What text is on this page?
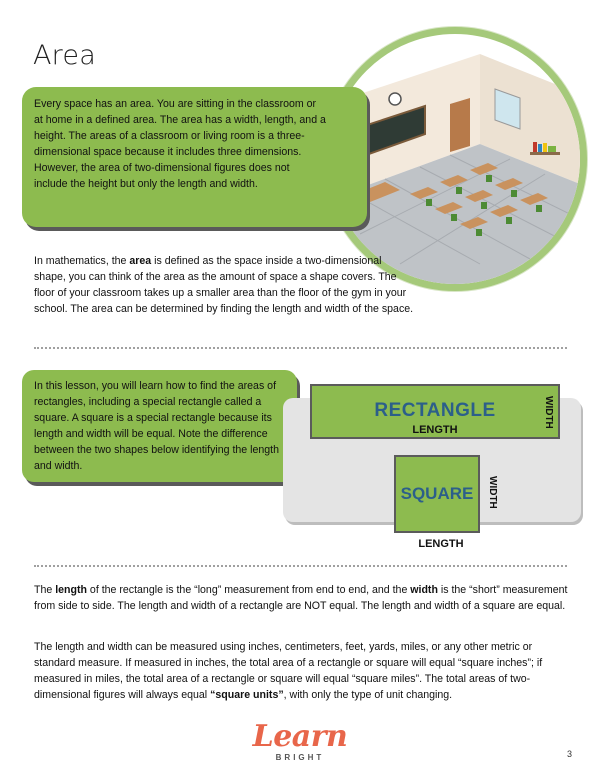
Area
Every space has an area. You are sitting in the classroom or at home in a defined area. The area has a width, length, and a height. The areas of a classroom or living room is a three-dimensional space because it includes three dimensions. However, the area of two-dimensional figures does not include the height but only the length and width.
In mathematics, the area is defined as the space inside a two-dimensional shape, you can think of the area as the amount of space a shape covers. The floor of your classroom takes up a smaller area than the floor of the gym in your school. The area can be determined by finding the length and width of the space.
In this lesson, you will learn how to find the areas of rectangles, including a special rectangle called a square. A square is a special rectangle because its length and width will be equal. Note the difference between the two shapes below identifying the length and width.
RECTANGLE
LENGTH
WIDTH
SQUARE	WIDTH
LENGTH
The length of the rectangle is the “long” measurement from end to end, and the width is the “short” measurement from side to side. The length and width of a rectangle are NOT equal. The length and width of a square are equal.
The length and width can be measured using inches, centimeters, feet, yards, miles, or any other metric or standard measure. If measured in inches, the total area of a rectangle or square will equal “square inches”; if measured in miles, the total area of a rectangle or square will equal “square miles”. The total areas of two-dimensional figures will always equal “square units”, with only the type of unit changing.
Learn
BRIGHT	3
